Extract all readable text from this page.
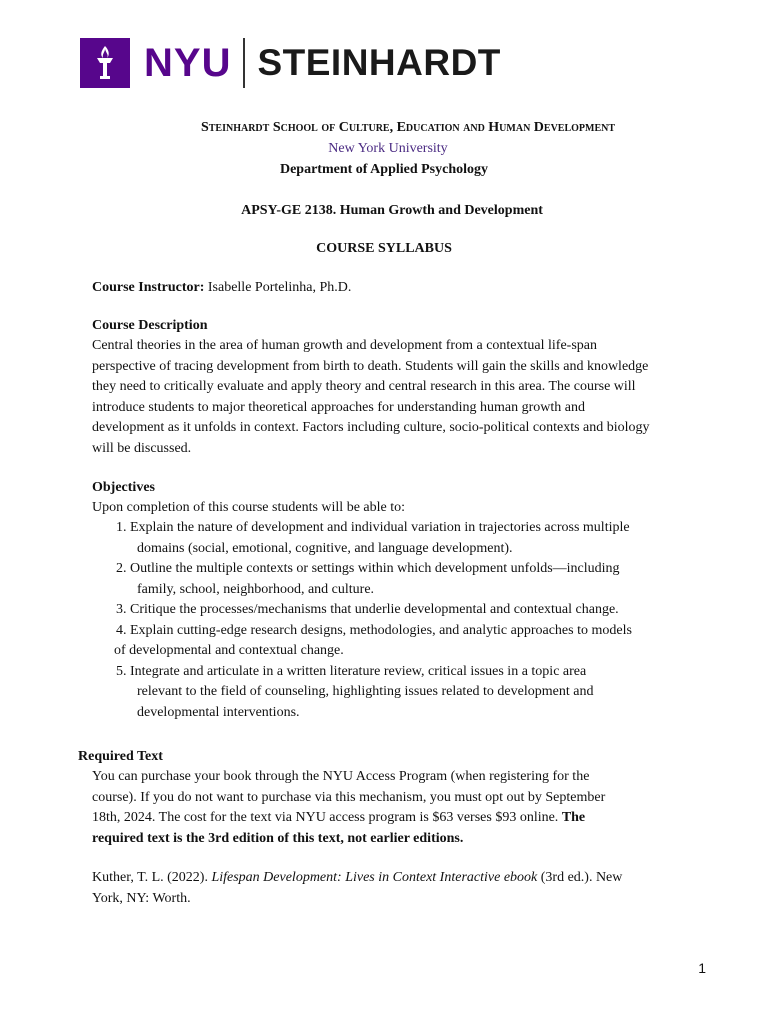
NYU STEINHARDT
Steinhardt School of Culture, Education and Human Development
New York University
Department of Applied Psychology
APSY-GE 2138. Human Growth and Development
COURSE SYLLABUS
Course Instructor: Isabelle Portelinha, Ph.D.
Course Description
Central theories in the area of human growth and development from a contextual life-span
perspective of tracing development from birth to death. Students will gain the skills and knowledge
they need to critically evaluate and apply theory and central research in this area. The course will
introduce students to major theoretical approaches for understanding human growth and
development as it unfolds in context. Factors including culture, socio-political contexts and biology
will be discussed.
Objectives
Upon completion of this course students will be able to:
1. Explain the nature of development and individual variation in trajectories across multiple
domains (social, emotional, cognitive, and language development).
2. Outline the multiple contexts or settings within which development unfolds—including
family, school, neighborhood, and culture.
3. Critique the processes/mechanisms that underlie developmental and contextual change.
4. Explain cutting-edge research designs, methodologies, and analytic approaches to models
of developmental and contextual change.
5. Integrate and articulate in a written literature review, critical issues in a topic area
relevant to the field of counseling, highlighting issues related to development and
developmental interventions.
Required Text
You can purchase your book through the NYU Access Program (when registering for the
course). If you do not want to purchase via this mechanism, you must opt out by September
18th, 2024. The cost for the text via NYU access program is $63 verses $93 online. The
required text is the 3rd edition of this text, not earlier editions.
Kuther, T. L. (2022). Lifespan Development: Lives in Context Interactive ebook (3rd ed.). New
York, NY: Worth.
1
